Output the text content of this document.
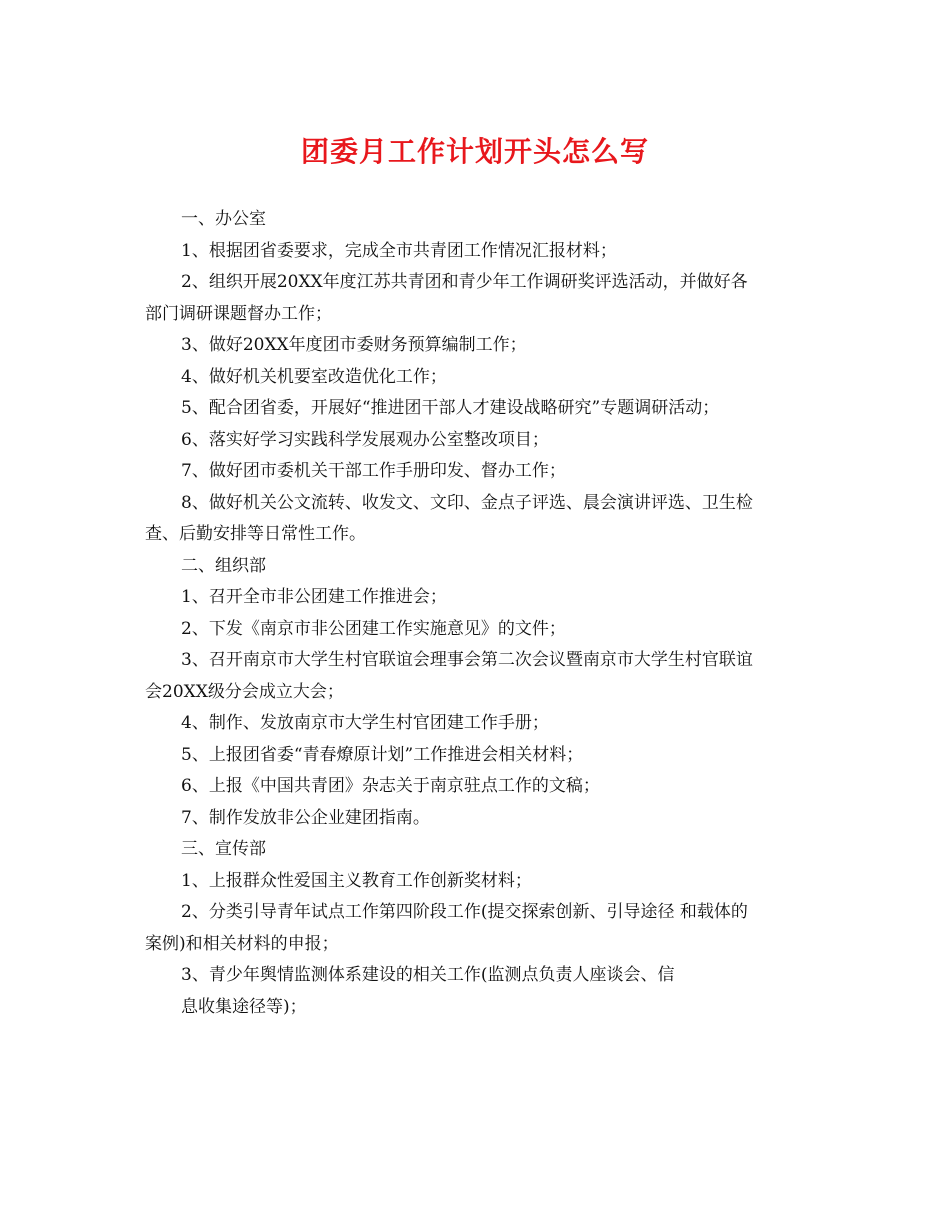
团委月工作计划开头怎么写
一、办公室
1、根据团省委要求，完成全市共青团工作情况汇报材料；
2、组织开展20XX年度江苏共青团和青少年工作调研奖评选活动，并做好各
部门调研课题督办工作；
3、做好20XX年度团市委财务预算编制工作；
4、做好机关机要室改造优化工作；
5、配合团省委，开展好“推进团干部人才建设战略研究”专题调研活动；
6、落实好学习实践科学发展观办公室整改项目；
7、做好团市委机关干部工作手册印发、督办工作；
8、做好机关公文流转、收发文、文印、金点子评选、晨会演讲评选、卫生检
查、后勤安排等日常性工作。
二、组织部
1、召开全市非公团建工作推进会；
2、下发《南京市非公团建工作实施意见》的文件；
3、召开南京市大学生村官联谊会理事会第二次会议暨南京市大学生村官联谊
会20XX级分会成立大会；
4、制作、发放南京市大学生村官团建工作手册；
5、上报团省委“青春燎原计划”工作推进会相关材料；
6、上报《中国共青团》杂志关于南京驻点工作的文稿；
7、制作发放非公企业建团指南。
三、宣传部
1、上报群众性爱国主义教育工作创新奖材料；
2、分类引导青年试点工作第四阶段工作(提交探索创新、引导途径 和载体的
案例)和相关材料的申报；
3、青少年舆情监测体系建设的相关工作(监测点负责人座谈会、信
息收集途径等)；
